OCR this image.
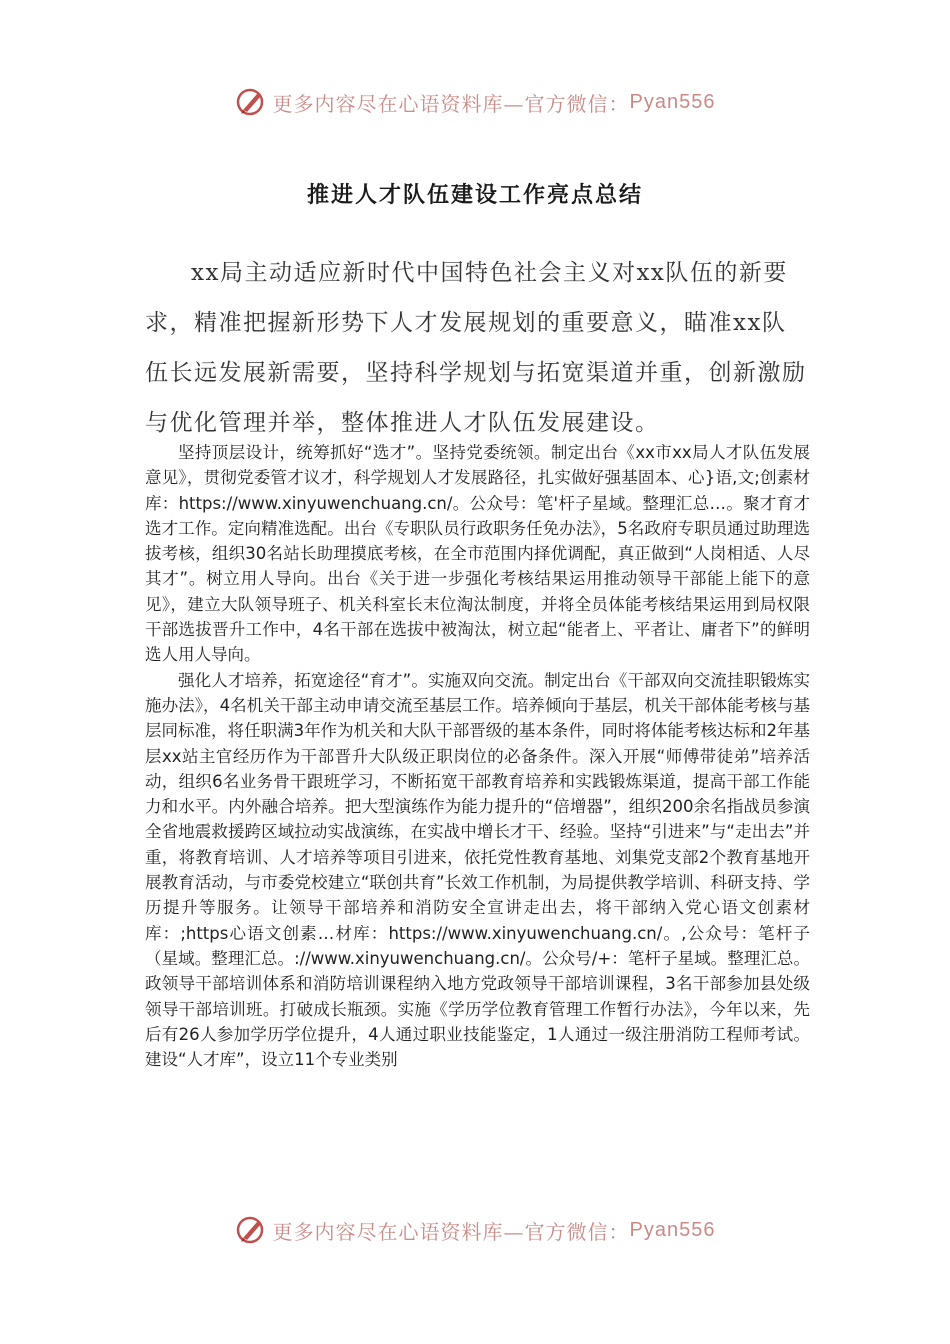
更多内容尽在心语资料库—官方微信： Pyan556
推进人才队伍建设工作亮点总结

xx局主动适应新时代中国特色社会主义对xx队伍的新要求，精准把握新形势下人才发展规划的重要意义，瞄准xx队伍长远发展新需要，坚持科学规划与拓宽渠道并重，创新激励与优化管理并举，整体推进人才队伍发展建设。

坚持顶层设计，统筹抓好“选才”。坚持党委统领。制定出台《xx市xx局人才队伍发展意见》，贯彻党委管才议才，科学规划人才发展路径，扎实做好强基固本、心}语,文;创素材库：https://www.xinyuwenchuang.cn/。公众号：笔'杆子星域。整理汇总…。聚才育才选才工作。定向精准选配。出台《专职队员行政职务任免办法》，5名政府专职员通过助理选拔考核，组织30名站长助理摸底考核，在全市范围内择优调配，真正做到“人岗相适、人尽其才”。树立用人导向。出台《关于进一步强化考核结果运用推动领导干部能上能下的意见》，建立大队领导班子、机关科室长末位淘汰制度，并将全员体能考核结果运用到局权限干部选拔晋升工作中，4名干部在选拔中被淘汰，树立起“能者上、平者让、庸者下”的鲜明选人用人导向。

强化人才培养，拓宽途径“育才”。实施双向交流。制定出台《干部双向交流挂职锻炼实施办法》，4名机关干部主动申请交流至基层工作。培养倾向于基层，机关干部体能考核与基层同标准，将任职满3年作为机关和大队干部晋级的基本条件，同时将体能考核达标和2年基层xx站主官经历作为干部晋升大队级正职岗位的必备条件。深入开展“师傅带徒弟”培养活动，组织6名业务骨干跟班学习，不断拓宽干部教育培养和实践锻炼渠道，提高干部工作能力和水平。内外融合培养。把大型演练作为能力提升的“倍增器”，组织200余名指战员参演全省地震救援跨区域拉动实战演练，在实战中增长才干、经验。坚持“引进来”与“走出去”并重，将教育培训、人才培养等项目引进来，依托党性教育基地、刘集党支部2个教育基地开展教育活动，与市委党校建立“联创共育”长效工作机制，为局提供教学培训、科研支持、学历提升等服务。让领导干部培养和消防安全宣讲走出去，将干部纳入党心语文创素材库：;https心语文创素…材库：https://www.xinyuwenchuang.cn/。,公众号：笔杆子（星域。整理汇总。://www.xinyuwenchuang.cn/。公众号/+：笔杆子星域。整理汇总。政领导干部培训体系和消防培训课程纳入地方党政领导干部培训课程，3名干部参加县处级领导干部培训班。打破成长瓶颈。实施《学历学位教育管理工作暂行办法》，今年以来，先后有26人参加学历学位提升，4人通过职业技能鉴定，1人通过一级注册消防工程师考试。建设“人才库”，设立11个专业类别

更多内容尽在心语资料库—官方微信： Pyan556
